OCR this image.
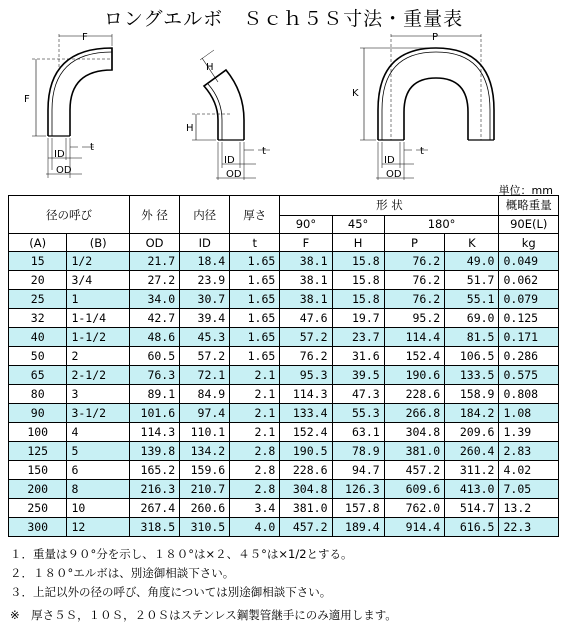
ロングエルボ　Ｓｃｈ５Ｓ寸法・重量表
F
F
t
ID
OD
H
H
t
ID
OD
P
K
t
ID
OD
単位：mm
径の呼び		外 径	内径	厚さ	形 状				概略重量
					90°	45°	180°		90E(L)
(A)	(B)	OD	ID	t	F	H	P	K	kg
15	1/2	21.7	18.4	1.65	38.1	15.8	76.2	49.0	0.049
20	3/4	27.2	23.9	1.65	38.1	15.8	76.2	51.7	0.062
25	1	34.0	30.7	1.65	38.1	15.8	76.2	55.1	0.079
32	1-1/4	42.7	39.4	1.65	47.6	19.7	95.2	69.0	0.125
40	1-1/2	48.6	45.3	1.65	57.2	23.7	114.4	81.5	0.171
50	2	60.5	57.2	1.65	76.2	31.6	152.4	106.5	0.286
65	2-1/2	76.3	72.1	2.1	95.3	39.5	190.6	133.5	0.575
80	3	89.1	84.9	2.1	114.3	47.3	228.6	158.9	0.808
90	3-1/2	101.6	97.4	2.1	133.4	55.3	266.8	184.2	1.08
100	4	114.3	110.1	2.1	152.4	63.1	304.8	209.6	1.39
125	5	139.8	134.2	2.8	190.5	78.9	381.0	260.4	2.83
150	6	165.2	159.6	2.8	228.6	94.7	457.2	311.2	4.02
200	8	216.3	210.7	2.8	304.8	126.3	609.6	413.0	7.05
250	10	267.4	260.6	3.4	381.0	157.8	762.0	514.7	13.2
300	12	318.5	310.5	4.0	457.2	189.4	914.4	616.5	22.3
１．重量は９０°分を示し、１８０°は×２、４５°は×1/2とする。
２．１８０°エルボは、別途御相談下さい。
３．上記以外の径の呼び、角度については別途御相談下さい。
※　厚さ５Ｓ，１０Ｓ，２０Ｓはステンレス鋼製管継手にのみ適用します。
